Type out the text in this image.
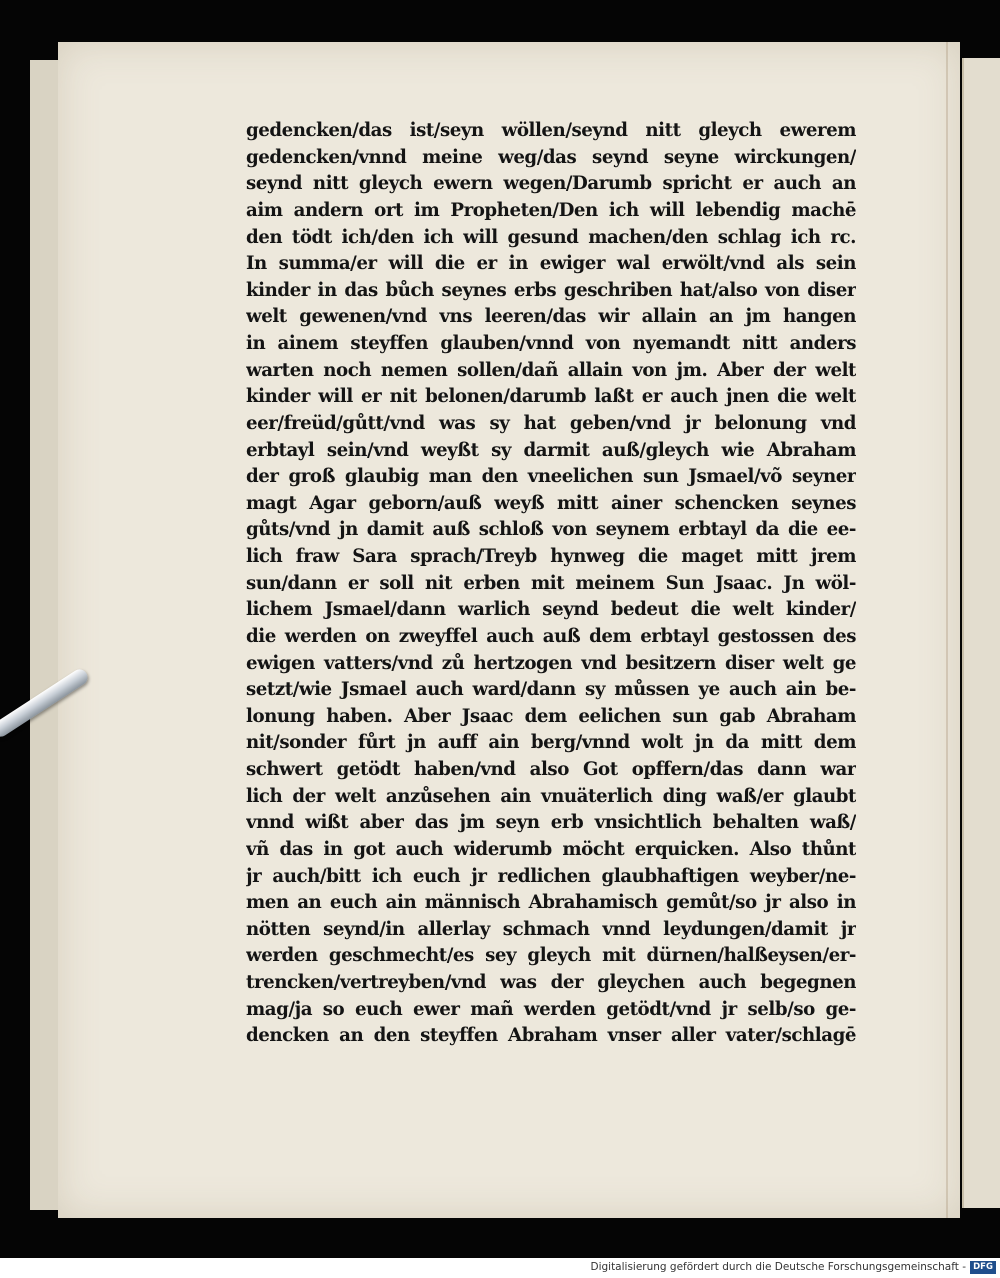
gedencken/das ist/seyn wöllen/seynd nitt gleych ewerem
gedencken/vnnd meine weg/das seynd seyne wirckungen/
seynd nitt gleych ewern wegen/Darumb spricht er auch an
aim andern ort im Propheten/Den ich will lebendig machē
den tödt ich/den ich will gesund machen/den schlag ich rc.
In summa/er will die er in ewiger wal erwölt/vnd als sein
kinder in das bůch seynes erbs geschriben hat/also von diser
welt gewenen/vnd vns leeren/das wir allain an jm hangen
in ainem steyffen glauben/vnnd von nyemandt nitt anders
warten noch nemen sollen/dañ allain von jm. Aber der welt
kinder will er nit belonen/darumb laßt er auch jnen die welt
eer/freüd/gůtt/vnd was sy hat geben/vnd jr belonung vnd
erbtayl sein/vnd weyßt sy darmit auß/gleych wie Abraham
der groß glaubig man den vneelichen sun Jsmael/võ seyner
magt Agar geborn/auß weyß mitt ainer schencken seynes
gůts/vnd jn damit auß schloß von seynem erbtayl da die ee-
lich fraw Sara sprach/Treyb hynweg die maget mitt jrem
sun/dann er soll nit erben mit meinem Sun Jsaac. Jn wöl-
lichem Jsmael/dann warlich seynd bedeut die welt kinder/
die werden on zweyffel auch auß dem erbtayl gestossen des
ewigen vatters/vnd zů hertzogen vnd besitzern diser welt ge
setzt/wie Jsmael auch ward/dann sy můssen ye auch ain be-
lonung haben. Aber Jsaac dem eelichen sun gab Abraham
nit/sonder fůrt jn auff ain berg/vnnd wolt jn da mitt dem
schwert getödt haben/vnd also Got opffern/das dann war
lich der welt anzůsehen ain vnuäterlich ding waß/er glaubt
vnnd wißt aber das jm seyn erb vnsichtlich behalten waß/
vñ das in got auch widerumb möcht erquicken. Also thůnt
jr auch/bitt ich euch jr redlichen glaubhaftigen weyber/ne-
men an euch ain männisch Abrahamisch gemůt/so jr also in
nötten seynd/in allerlay schmach vnnd leydungen/damit jr
werden geschmecht/es sey gleych mit dürnen/halßeysen/er-
trencken/vertreyben/vnd was der gleychen auch begegnen
mag/ja so euch ewer mañ werden getödt/vnd jr selb/so ge-
dencken an den steyffen Abraham vnser aller vater/schlagē
Digitalisierung gefördert durch die Deutsche Forschungsgemeinschaft - DFG
